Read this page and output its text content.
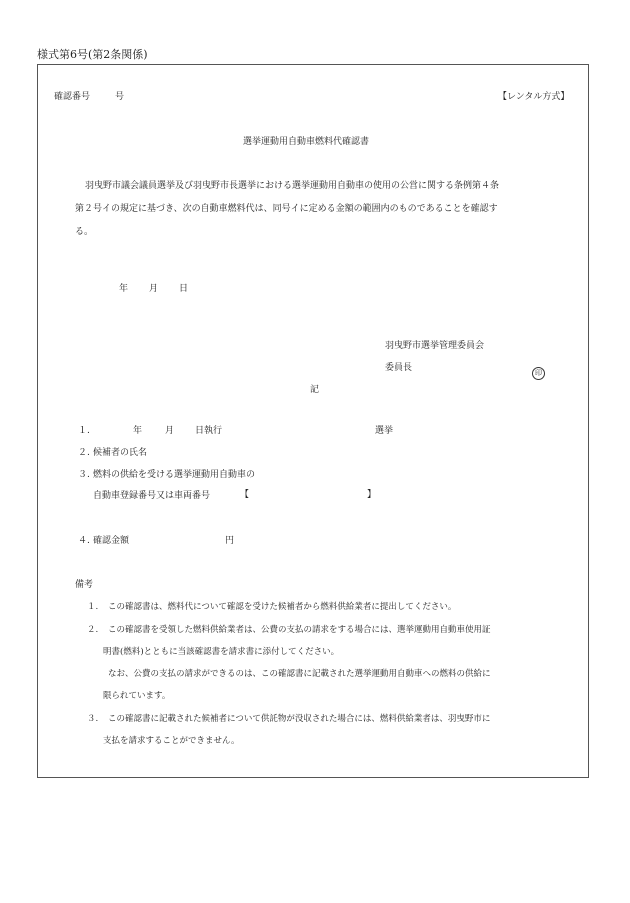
様式第6号(第2条関係)
確認番号	号	【レンタル方式】
選挙運動用自動車燃料代確認書
羽曳野市議会議員選挙及び羽曳野市長選挙における選挙運動用自動車の使用の公営に関する条例第４条
第２号イの規定に基づき、次の自動車燃料代は、同号イに定める金額の範囲内のものであることを確認す
る。
年 月 日
羽曳野市選挙管理委員会
委員長	印
記
１.	年	月 日執行	選挙
２. 候補者の氏名
３. 燃料の供給を受ける選挙運動用自動車の
自動車登録番号又は車両番号	【	】
４. 確認金額	円
備考
１. この確認書は、燃料代について確認を受けた候補者から燃料供給業者に提出してください。
２. この確認書を受領した燃料供給業者は、公費の支払の請求をする場合には、選挙運動用自動車使用証
明書(燃料)とともに当該確認書を請求書に添付してください。
なお、公費の支払の請求ができるのは、この確認書に記載された選挙運動用自動車への燃料の供給に
限られています。
３. この確認書に記載された候補者について供託物が没収された場合には、燃料供給業者は、羽曳野市に
支払を請求することができません。
